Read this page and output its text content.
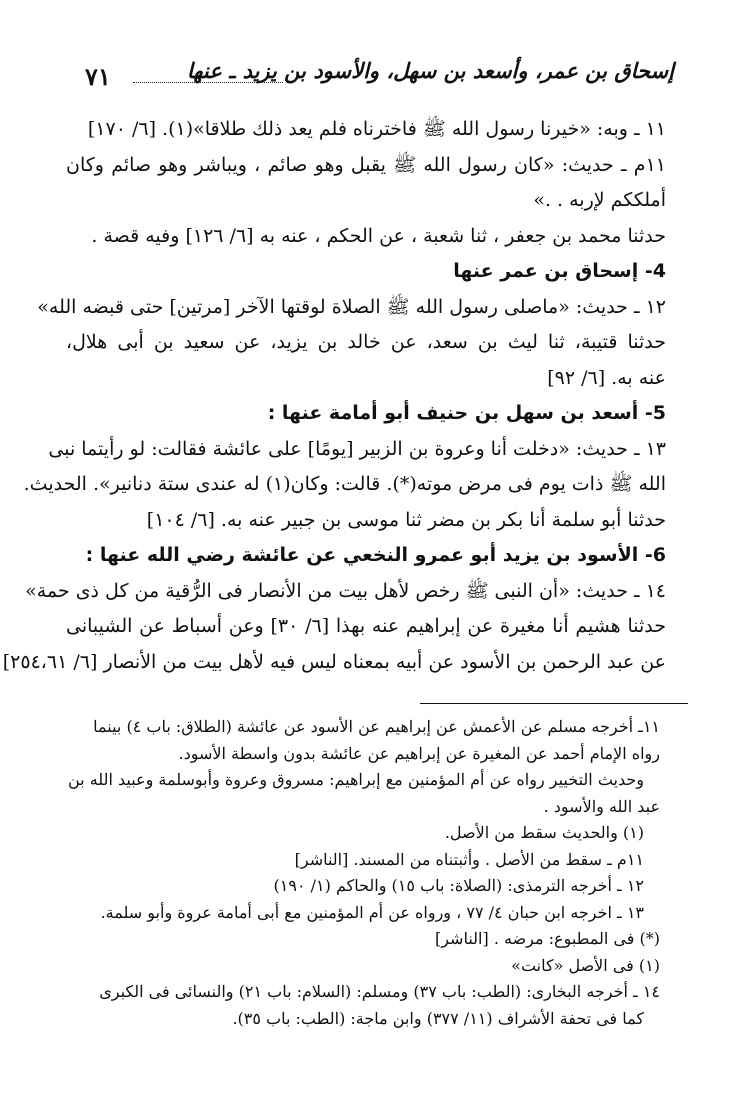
إسحاق بن عمر، وأسعد بن سهل، والأسود بن يزيد ـ عنها
٧١
١١ ـ وبه: «خيرنا رسول الله ﷺ فاخترناه فلم يعد ذلك طلاقا»(١). [٦/ ١٧٠]
١١م ـ حديث: «كان رسول الله ﷺ يقبل وهو صائم ، ويباشر وهو صائم وكان
أملككم لإربه . .»
حدثنا محمد بن جعفر ، ثنا شعبة ، عن الحكم ، عنه به [٦/ ١٢٦] وفيه قصة .
4- إسحاق بن عمر عنها
١٢ ـ حديث: «ماصلى رسول الله ﷺ الصلاة لوقتها الآخر [مرتين] حتى قبضه الله»
حدثنا قتيبة، ثنا ليث بن سعد، عن خالد بن يزيد، عن سعيد بن أبى هلال،
عنه به. [٦/ ٩٢]
5- أسعد بن سهل بن حنيف أبو أمامة عنها :
١٣ ـ حديث: «دخلت أنا وعروة بن الزبير [يومًا] على عائشة فقالت: لو رأيتما نبى
الله ﷺ ذات يوم فى مرض موته(*). قالت: وكان(١) له عندى ستة دنانير». الحديث.
حدثنا أبو سلمة أنا بكر بن مضر ثنا موسى بن جبير عنه به. [٦/ ١٠٤]
6- الأسود بن يزيد أبو عمرو النخعي عن عائشة رضي الله عنها :
١٤ ـ حديث: «أن النبى ﷺ رخص لأهل بيت من الأنصار فى الرُّقية من كل ذى حمة»
حدثنا هشيم أنا مغيرة عن إبراهيم عنه بهذا [٦/ ٣٠] وعن أسباط عن الشيبانى
عن عبد الرحمن بن الأسود عن أبيه بمعناه ليس فيه لأهل بيت من الأنصار [٦/ ٢٥٤،٦١]
١١ـ أخرجه مسلم عن الأعمش عن إبراهيم عن الأسود عن عائشة (الطلاق: باب ٤) بينما
رواه الإمام أحمد عن المغيرة عن إبراهيم عن عائشة بدون واسطة الأسود.
وحديث التخيير رواه عن أم المؤمنين مع إبراهيم: مسروق وعروة وأبوسلمة وعبيد الله بن
عبد الله والأسود .
(١) والحديث سقط من الأصل.
١١م ـ سقط من الأصل . وأثبتناه من المسند. [الناشر]
١٢ ـ أخرجه الترمذى: (الصلاة: باب ١٥) والحاكم (١/ ١٩٠)
١٣ ـ اخرجه ابن حبان ٤/ ٧٧ ، ورواه عن أم المؤمنين مع أبى أمامة عروة وأبو سلمة.
(*) فى المطبوع: مرضه . [الناشر]
(١) فى الأصل «كانت»
١٤ ـ أخرجه البخارى: (الطب: باب ٣٧) ومسلم: (السلام: باب ٢١) والنسائى فى الكبرى
كما فى تحفة الأشراف (١١/ ٣٧٧) وابن ماجة: (الطب: باب ٣٥).
